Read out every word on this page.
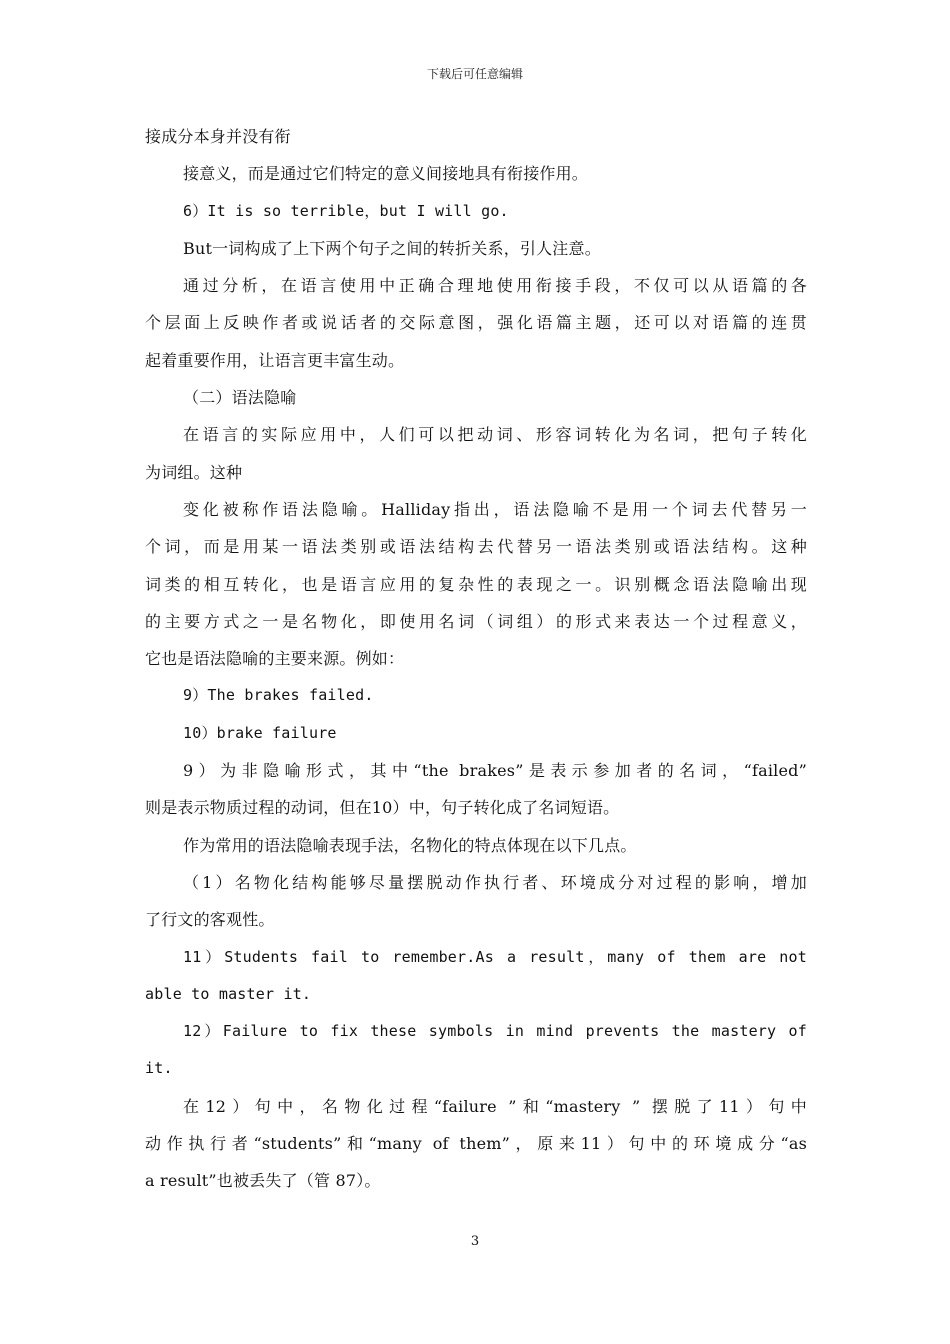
下载后可任意编辑
接成分本身并没有衔
接意义，而是通过它们特定的意义间接地具有衔接作用。
6）It is so terrible，but I will go.
But一词构成了上下两个句子之间的转折关系，引人注意。
通过分析，在语言使用中正确合理地使用衔接手段，不仅可以从语篇的各
个层面上反映作者或说话者的交际意图，强化语篇主题，还可以对语篇的连贯
起着重要作用，让语言更丰富生动。
（二）语法隐喻
在语言的实际应用中，人们可以把动词、形容词转化为名词，把句子转化
为词组。这种
变化被称作语法隐喻。Halliday指出，语法隐喻不是用一个词去代替另一
个词，而是用某一语法类别或语法结构去代替另一语法类别或语法结构。这种
词类的相互转化，也是语言应用的复杂性的表现之一。识别概念语法隐喻出现
的主要方式之一是名物化，即使用名词（词组）的形式来表达一个过程意义，
它也是语法隐喻的主要来源。例如：
9）The brakes failed.
10）brake failure
9）为非隐喻形式，其中“the brakes”是表示参加者的名词，“failed”
则是表示物质过程的动词，但在10）中，句子转化成了名词短语。
作为常用的语法隐喻表现手法，名物化的特点体现在以下几点。
（1）名物化结构能够尽量摆脱动作执行者、环境成分对过程的影响，增加
了行文的客观性。
11）Students fail to remember.As a result，many of them are not
able to master it.
12）Failure to fix these symbols in mind prevents the mastery of
it.
在12）句中，名物化过程“failure ”和“mastery ” 摆脱了11）句中
动作执行者“students”和“many of them”，原来11）句中的环境成分“as
a result”也被丢失了（管 87）。
3
